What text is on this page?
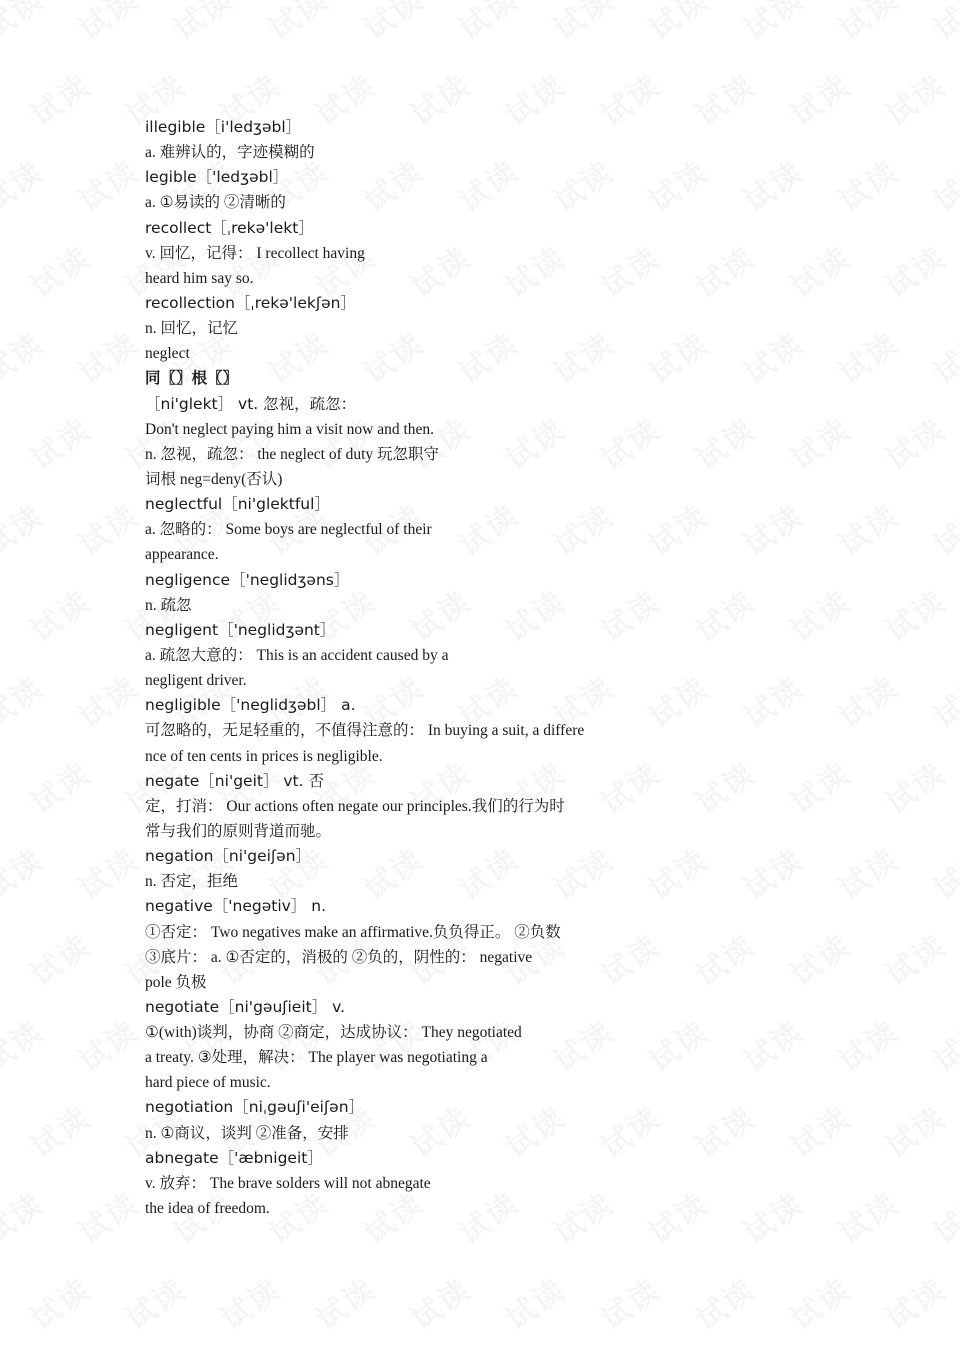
illegible［i'ledʒəbl］
a. 难辨认的，字迹模糊的
legible［'ledʒəbl］
a. ①易读的 ②清晰的
recollect［ˌrekə'lekt］
v. 回忆，记得： I recollect having
heard him say so.
recollection［ˌrekə'lekʃən］
n. 回忆，记忆
neglect
同〖〗根〖〗
［ni'glekt］ vt. 忽视，疏忽：
Don't neglect paying him a visit now and then.
n. 忽视，疏忽： the neglect of duty 玩忽职守
词根 neg=deny(否认)
neglectful［ni'glektful］
a. 忽略的： Some boys are neglectful of their
appearance.
negligence［'neglidʒəns］
n. 疏忽
negligent［'neglidʒənt］
a. 疏忽大意的： This is an accident caused by a
negligent driver.
negligible［'neglidʒəbl］ a.
可忽略的，无足轻重的，不值得注意的： In buying a suit, a differe
nce of ten cents in prices is negligible.
negate［ni'geit］ vt. 否
定，打消： Our actions often negate our principles.我们的行为时
常与我们的原则背道而驰。
negation［ni'geiʃən］
n. 否定，拒绝
negative［'negətiv］ n.
①否定： Two negatives make an affirmative.负负得正。 ②负数
③底片： a. ①否定的，消极的 ②负的，阴性的： negative
pole 负极
negotiate［ni'gəuʃieit］ v.
①(with)谈判，协商 ②商定，达成协议： They negotiated
a treaty. ③处理，解决： The player was negotiating a
hard piece of music.
negotiation［niˌgəuʃi'eiʃən］
n. ①商议，谈判 ②准备，安排
abnegate［'æbnigeit］
v. 放弃： The brave solders will not abnegate
the idea of freedom.
